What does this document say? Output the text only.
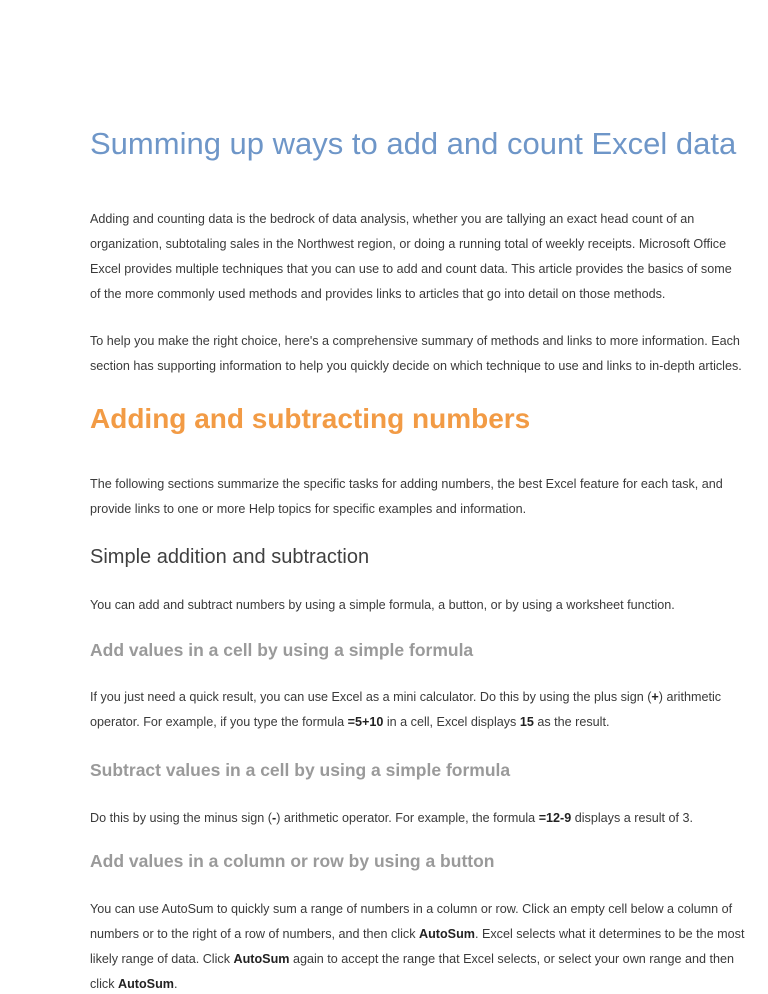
Summing up ways to add and count Excel data
Adding and counting data is the bedrock of data analysis, whether you are tallying an exact head count of an
organization, subtotaling sales in the Northwest region, or doing a running total of weekly receipts. Microsoft Office
Excel provides multiple techniques that you can use to add and count data. This article provides the basics of some
of the more commonly used methods and provides links to articles that go into detail on those methods.
To help you make the right choice, here's a comprehensive summary of methods and links to more information. Each
section has supporting information to help you quickly decide on which technique to use and links to in-depth articles.
Adding and subtracting numbers
The following sections summarize the specific tasks for adding numbers, the best Excel feature for each task, and
provide links to one or more Help topics for specific examples and information.
Simple addition and subtraction
You can add and subtract numbers by using a simple formula, a button, or by using a worksheet function.
Add values in a cell by using a simple formula
If you just need a quick result, you can use Excel as a mini calculator. Do this by using the plus sign (+) arithmetic
operator. For example, if you type the formula =5+10 in a cell, Excel displays 15 as the result.
Subtract values in a cell by using a simple formula
Do this by using the minus sign (-) arithmetic operator. For example, the formula =12-9 displays a result of 3.
Add values in a column or row by using a button
You can use AutoSum to quickly sum a range of numbers in a column or row. Click an empty cell below a column of
numbers or to the right of a row of numbers, and then click AutoSum. Excel selects what it determines to be the most
likely range of data. Click AutoSum again to accept the range that Excel selects, or select your own range and then
click AutoSum.
